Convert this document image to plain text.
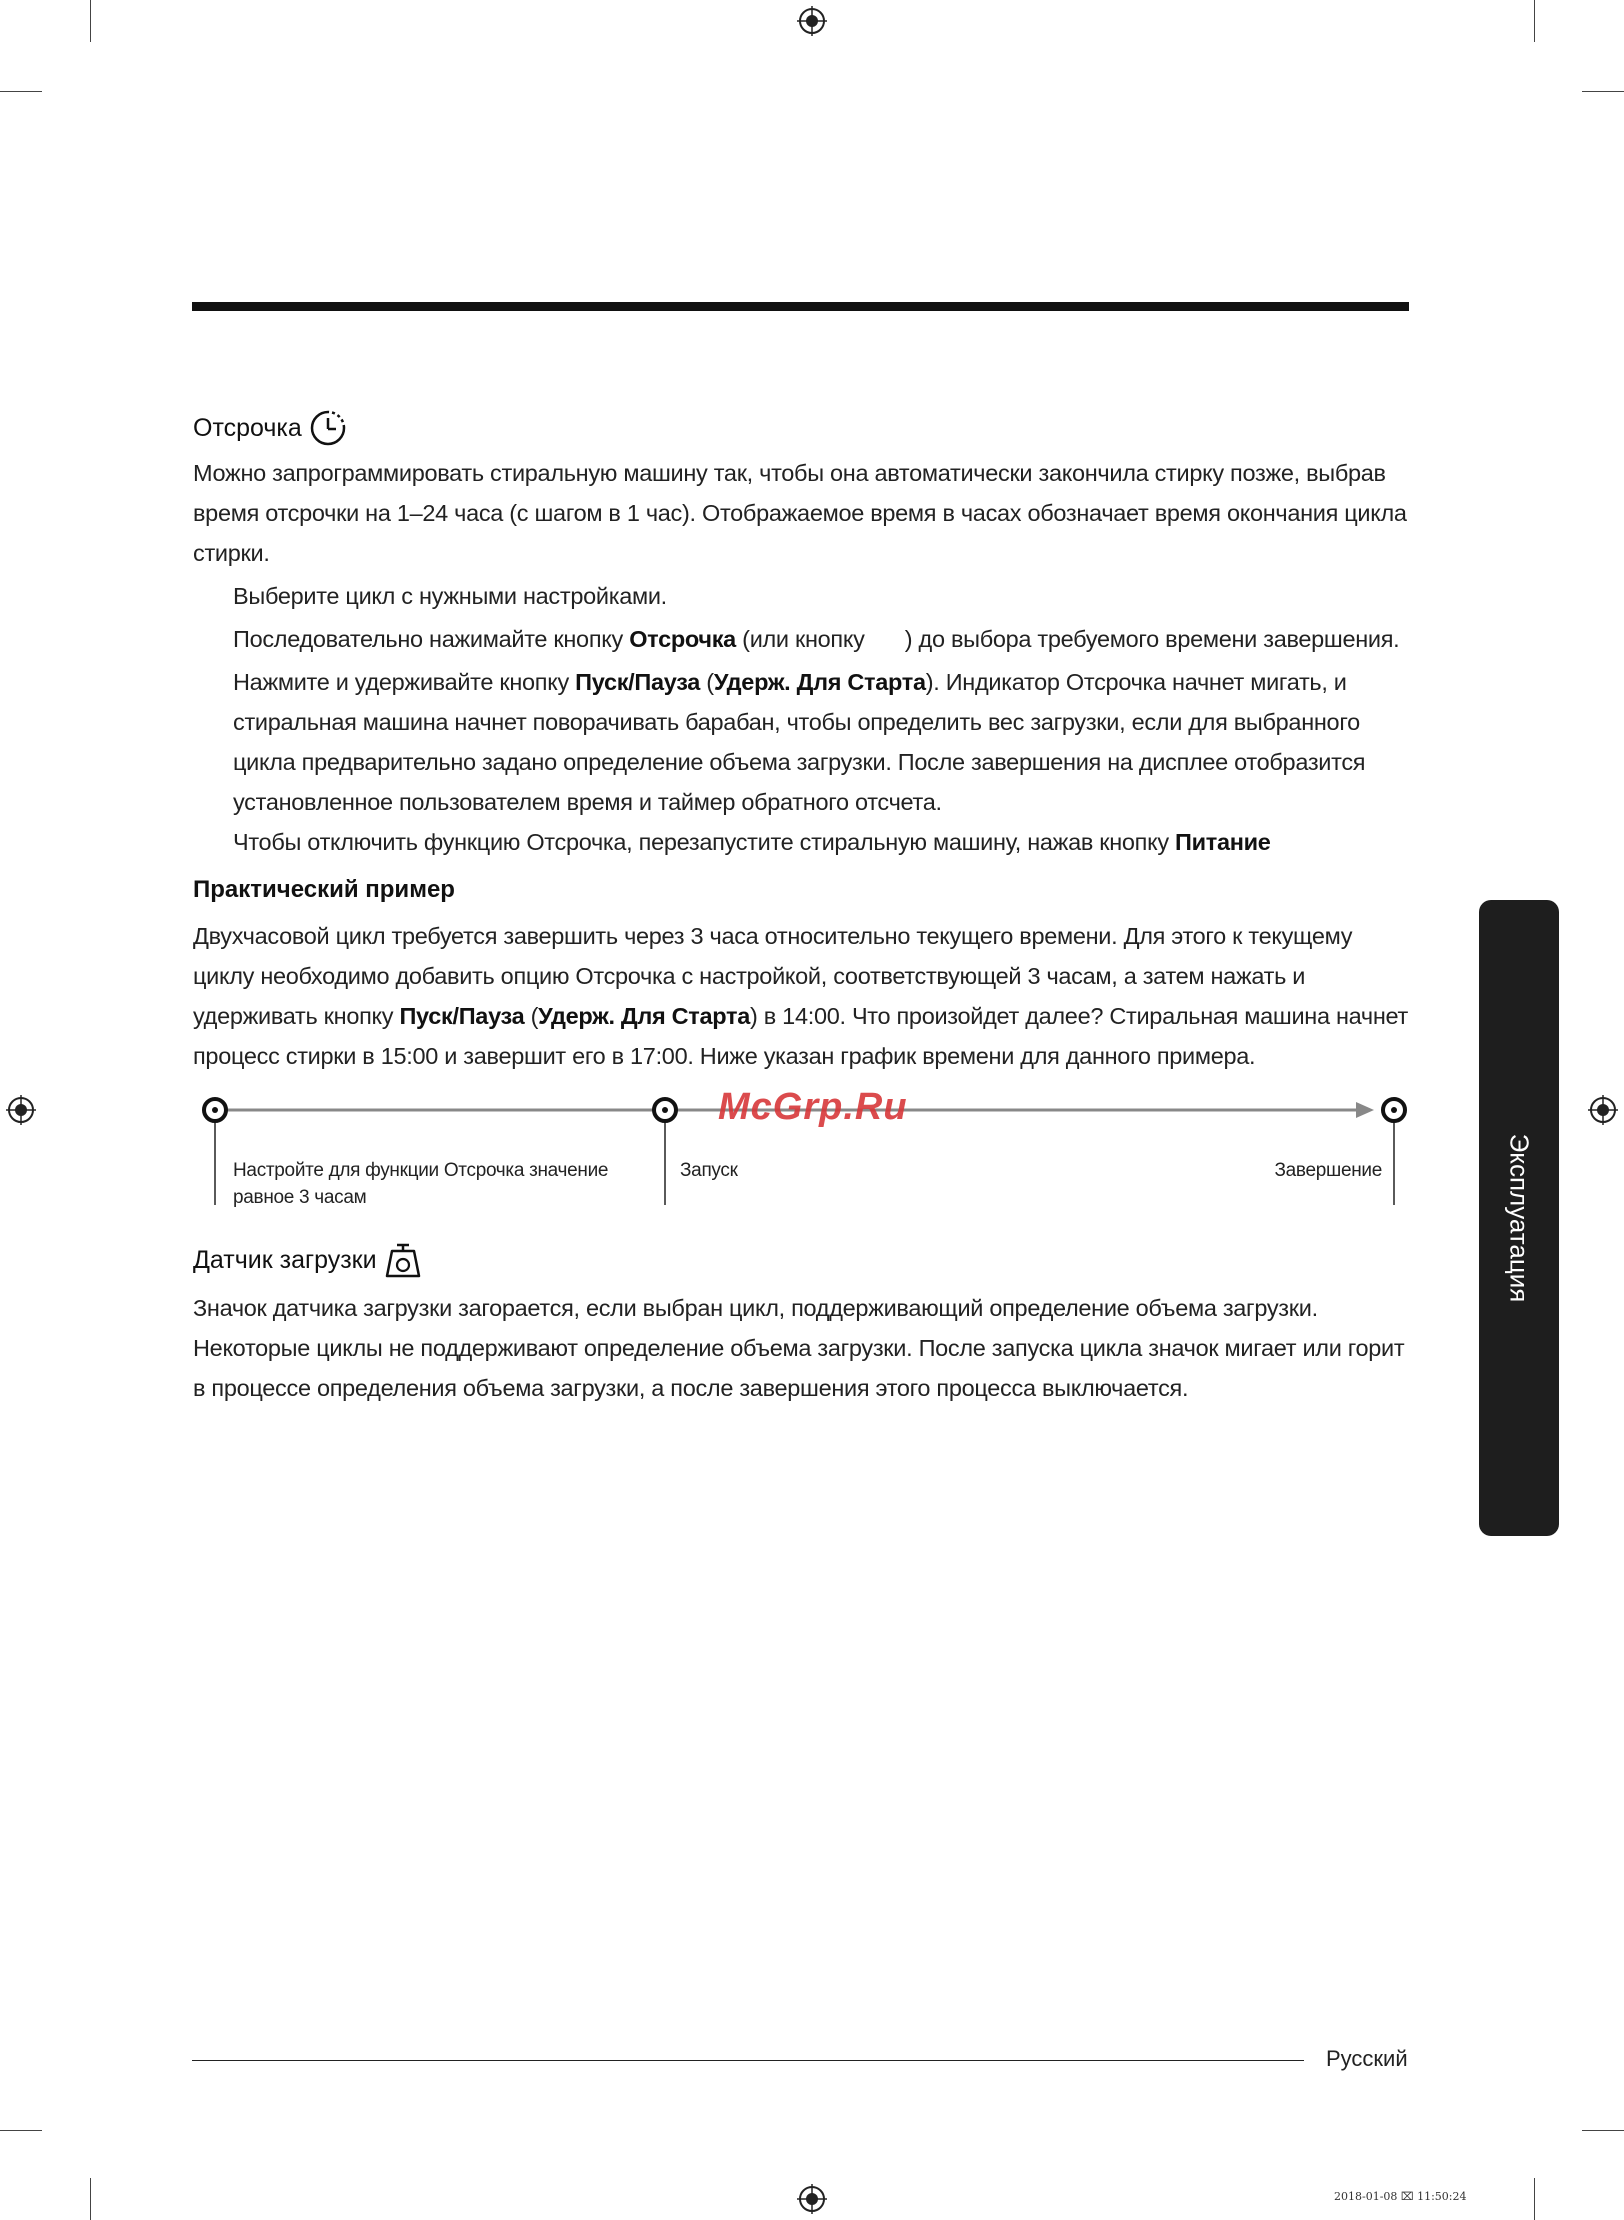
Отсрочка
Можно запрограммировать стиральную машину так, чтобы она автоматически закончила стирку позже, выбрав
время отсрочки на 1–24 часа (с шагом в 1 час). Отображаемое время в часах обозначает время окончания цикла
стирки.
Выберите цикл с нужными настройками.
Последовательно нажимайте кнопку Отсрочка (или кнопку ) до выбора требуемого времени завершения.
Нажмите и удерживайте кнопку Пуск/Пауза (Удерж. Для Старта). Индикатор Отсрочка начнет мигать, и
стиральная машина начнет поворачивать барабан, чтобы определить вес загрузки, если для выбранного
цикла предварительно задано определение объема загрузки. После завершения на дисплее отобразится
установленное пользователем время и таймер обратного отсчета.
Чтобы отключить функцию Отсрочка, перезапустите стиральную машину, нажав кнопку Питание
Практический пример
Двухчасовой цикл требуется завершить через 3 часа относительно текущего времени. Для этого к текущему
циклу необходимо добавить опцию Отсрочка с настройкой, соответствующей 3 часам, а затем нажать и
удерживать кнопку Пуск/Пауза (Удерж. Для Старта) в 14:00. Что произойдет далее? Стиральная машина начнет
процесс стирки в 15:00 и завершит его в 17:00. Ниже указан график времени для данного примера.
Настройте для функции Отсрочка значение
равное 3 часам
Запуск	Завершение
McGrp.Ru
Датчик загрузки
Значок датчика загрузки загорается, если выбран цикл, поддерживающий определение объема загрузки.
Некоторые циклы не поддерживают определение объема загрузки. После запуска цикла значок мигает или горит
в процессе определения объема загрузки, а после завершения этого процесса выключается.
Эксплуатация
Русский
2018-01-08 ⌧ 11:50:24
